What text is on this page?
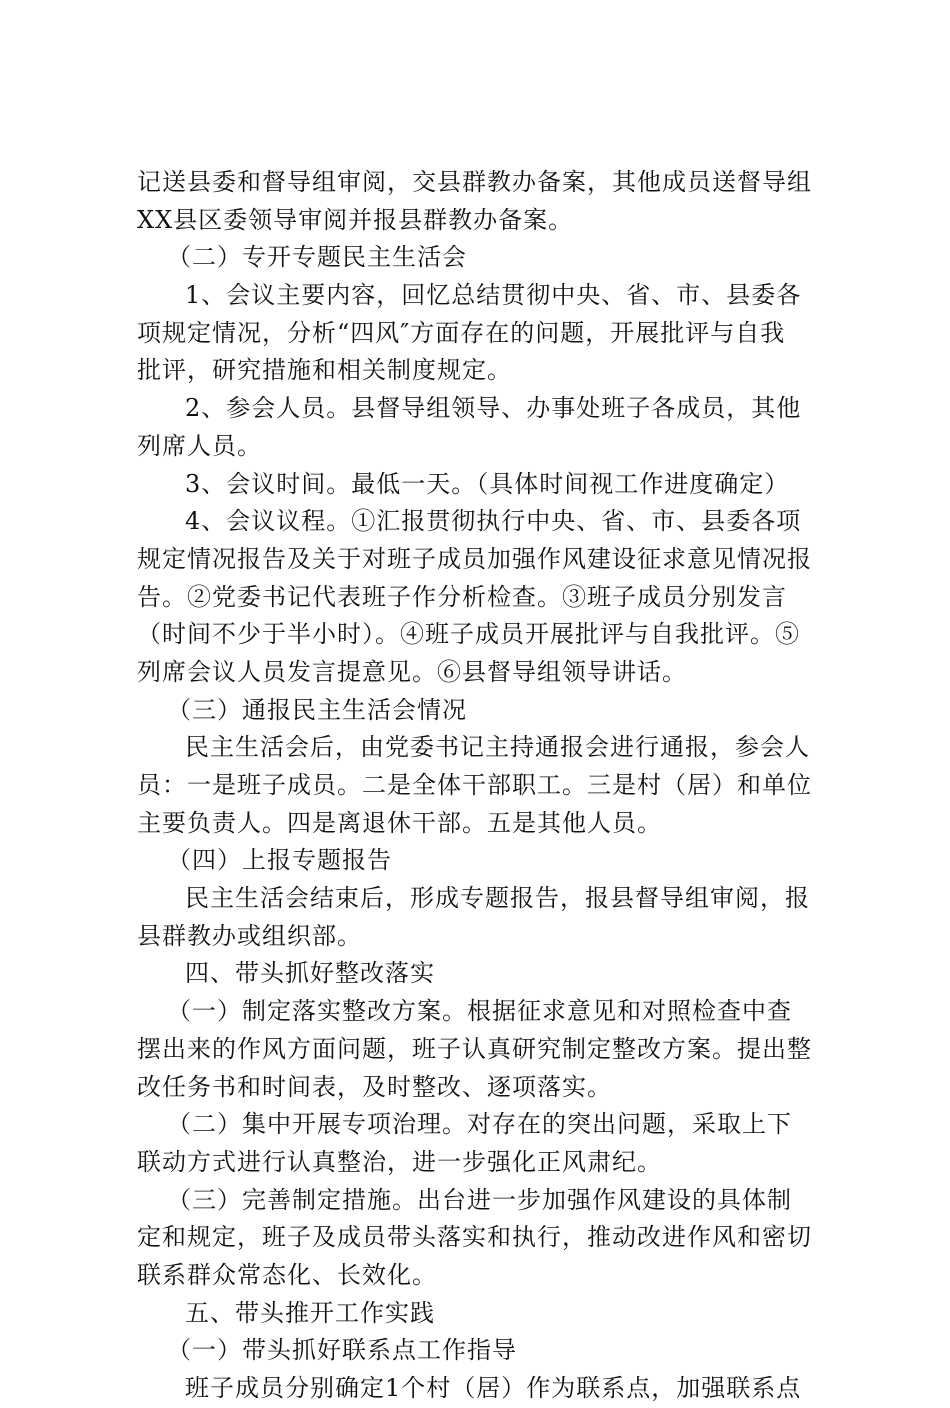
记送县委和督导组审阅，交县群教办备案，其他成员送督导组
XX县区委领导审阅并报县群教办备案。
（二）专开专题民主生活会
1、会议主要内容，回忆总结贯彻中央、省、市、县委各
项规定情况，分析“四风″方面存在的问题，开展批评与自我
批评，研究措施和相关制度规定。
2、参会人员。县督导组领导、办事处班子各成员，其他
列席人员。
3、会议时间。最低一天。（具体时间视工作进度确定）
4、会议议程。①汇报贯彻执行中央、省、市、县委各项
规定情况报告及关于对班子成员加强作风建设征求意见情况报
告。②党委书记代表班子作分析检查。③班子成员分别发言
（时间不少于半小时）。④班子成员开展批评与自我批评。⑤
列席会议人员发言提意见。⑥县督导组领导讲话。
（三）通报民主生活会情况
民主生活会后，由党委书记主持通报会进行通报，参会人
员：一是班子成员。二是全体干部职工。三是村（居）和单位
主要负责人。四是离退休干部。五是其他人员。
（四）上报专题报告
民主生活会结束后，形成专题报告，报县督导组审阅，报
县群教办或组织部。
四、带头抓好整改落实
（一）制定落实整改方案。根据征求意见和对照检查中查
摆出来的作风方面问题，班子认真研究制定整改方案。提出整
改任务书和时间表，及时整改、逐项落实。
（二）集中开展专项治理。对存在的突出问题，采取上下
联动方式进行认真整治，进一步强化正风肃纪。
（三）完善制定措施。出台进一步加强作风建设的具体制
定和规定，班子及成员带头落实和执行，推动改进作风和密切
联系群众常态化、长效化。
五、带头推开工作实践
（一）带头抓好联系点工作指导
班子成员分别确定1个村（居）作为联系点，加强联系点
